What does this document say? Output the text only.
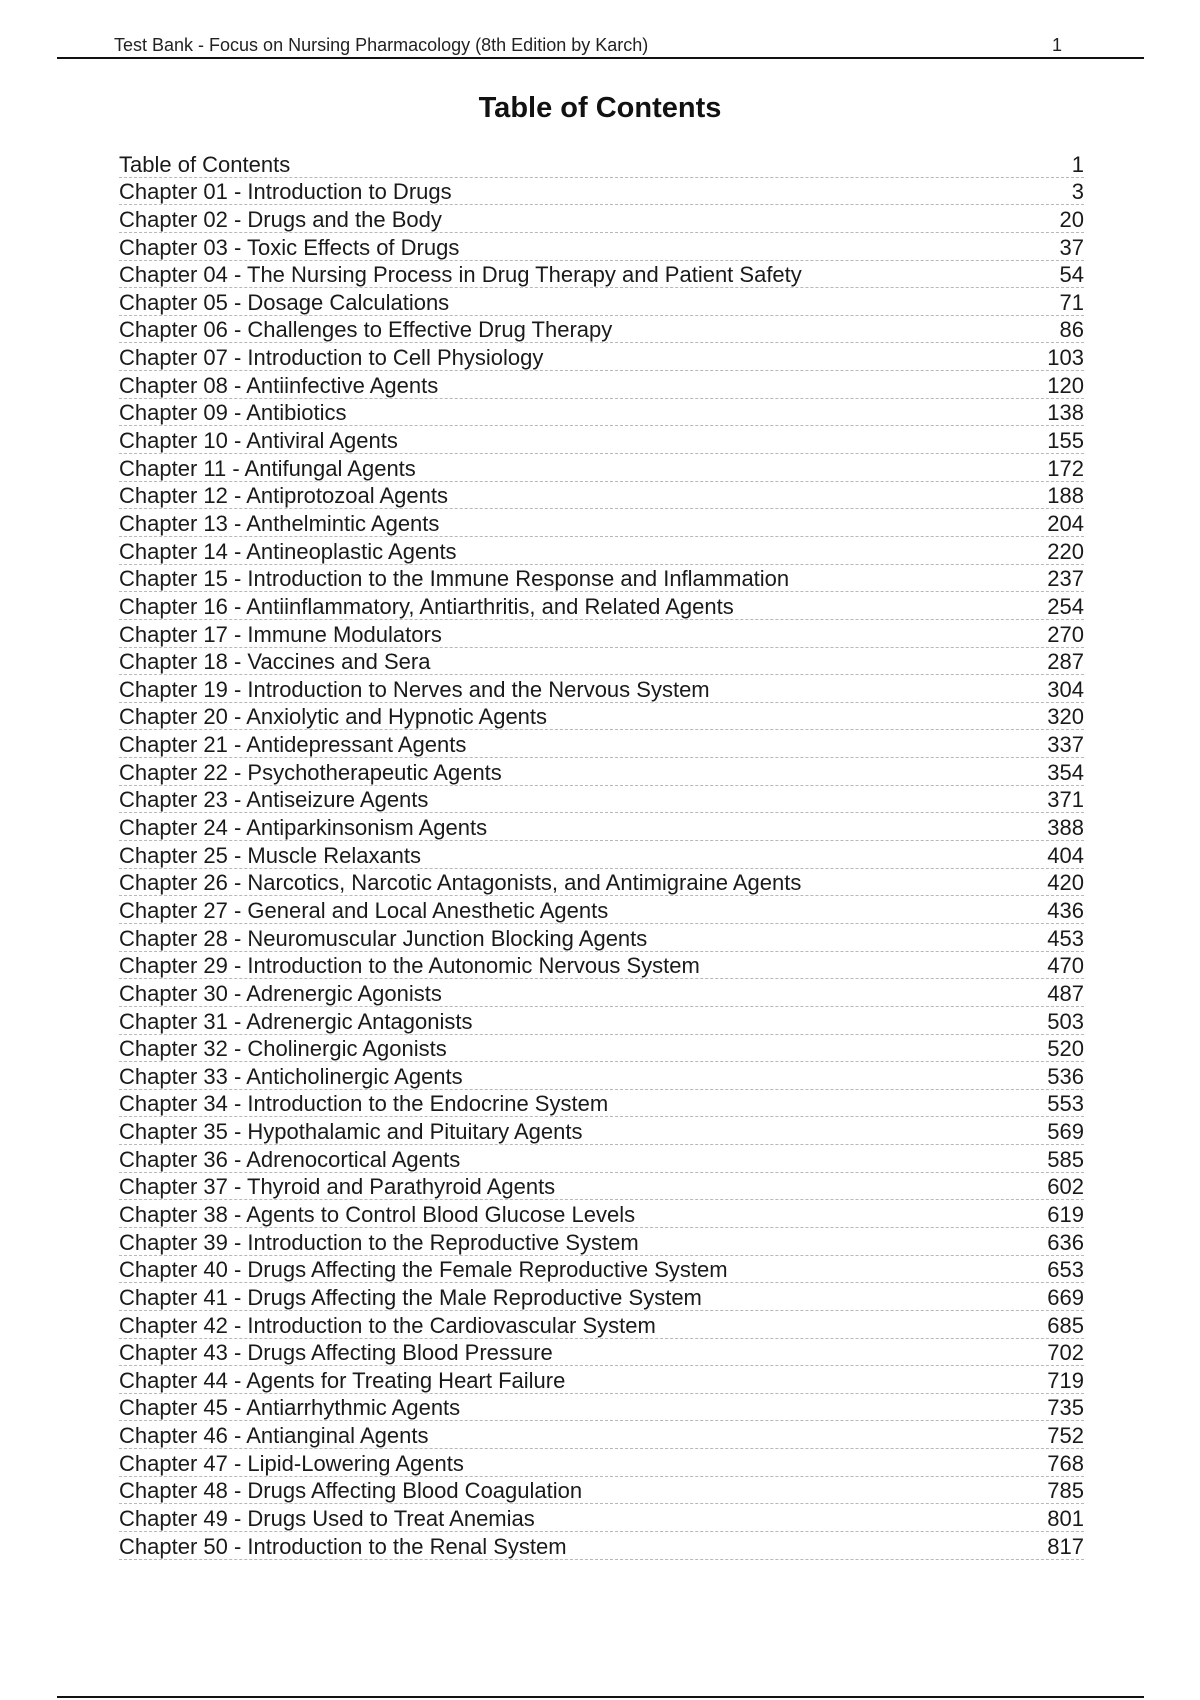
Test Bank - Focus on Nursing Pharmacology (8th Edition by Karch)	1
Table of Contents
Table of Contents	1
Chapter 01 - Introduction to Drugs	3
Chapter 02 - Drugs and the Body	20
Chapter 03 - Toxic Effects of Drugs	37
Chapter 04 - The Nursing Process in Drug Therapy and Patient Safety	54
Chapter 05 - Dosage Calculations	71
Chapter 06 - Challenges to Effective Drug Therapy	86
Chapter 07 - Introduction to Cell Physiology	103
Chapter 08 - Antiinfective Agents	120
Chapter 09 - Antibiotics	138
Chapter 10 - Antiviral Agents	155
Chapter 11 - Antifungal Agents	172
Chapter 12 - Antiprotozoal Agents	188
Chapter 13 - Anthelmintic Agents	204
Chapter 14 - Antineoplastic Agents	220
Chapter 15 - Introduction to the Immune Response and Inflammation	237
Chapter 16 - Antiinflammatory, Antiarthritis, and Related Agents	254
Chapter 17 - Immune Modulators	270
Chapter 18 - Vaccines and Sera	287
Chapter 19 - Introduction to Nerves and the Nervous System	304
Chapter 20 - Anxiolytic and Hypnotic Agents	320
Chapter 21 - Antidepressant Agents	337
Chapter 22 - Psychotherapeutic Agents	354
Chapter 23 - Antiseizure Agents	371
Chapter 24 - Antiparkinsonism Agents	388
Chapter 25 - Muscle Relaxants	404
Chapter 26 - Narcotics, Narcotic Antagonists, and Antimigraine Agents	420
Chapter 27 - General and Local Anesthetic Agents	436
Chapter 28 - Neuromuscular Junction Blocking Agents	453
Chapter 29 - Introduction to the Autonomic Nervous System	470
Chapter 30 - Adrenergic Agonists	487
Chapter 31 - Adrenergic Antagonists	503
Chapter 32 - Cholinergic Agonists	520
Chapter 33 - Anticholinergic Agents	536
Chapter 34 - Introduction to the Endocrine System	553
Chapter 35 - Hypothalamic and Pituitary Agents	569
Chapter 36 - Adrenocortical Agents	585
Chapter 37 - Thyroid and Parathyroid Agents	602
Chapter 38 - Agents to Control Blood Glucose Levels	619
Chapter 39 - Introduction to the Reproductive System	636
Chapter 40 - Drugs Affecting the Female Reproductive System	653
Chapter 41 - Drugs Affecting the Male Reproductive System	669
Chapter 42 - Introduction to the Cardiovascular System	685
Chapter 43 - Drugs Affecting Blood Pressure	702
Chapter 44 - Agents for Treating Heart Failure	719
Chapter 45 - Antiarrhythmic Agents	735
Chapter 46 - Antianginal Agents	752
Chapter 47 - Lipid-Lowering Agents	768
Chapter 48 - Drugs Affecting Blood Coagulation	785
Chapter 49 - Drugs Used to Treat Anemias	801
Chapter 50 - Introduction to the Renal System	817
